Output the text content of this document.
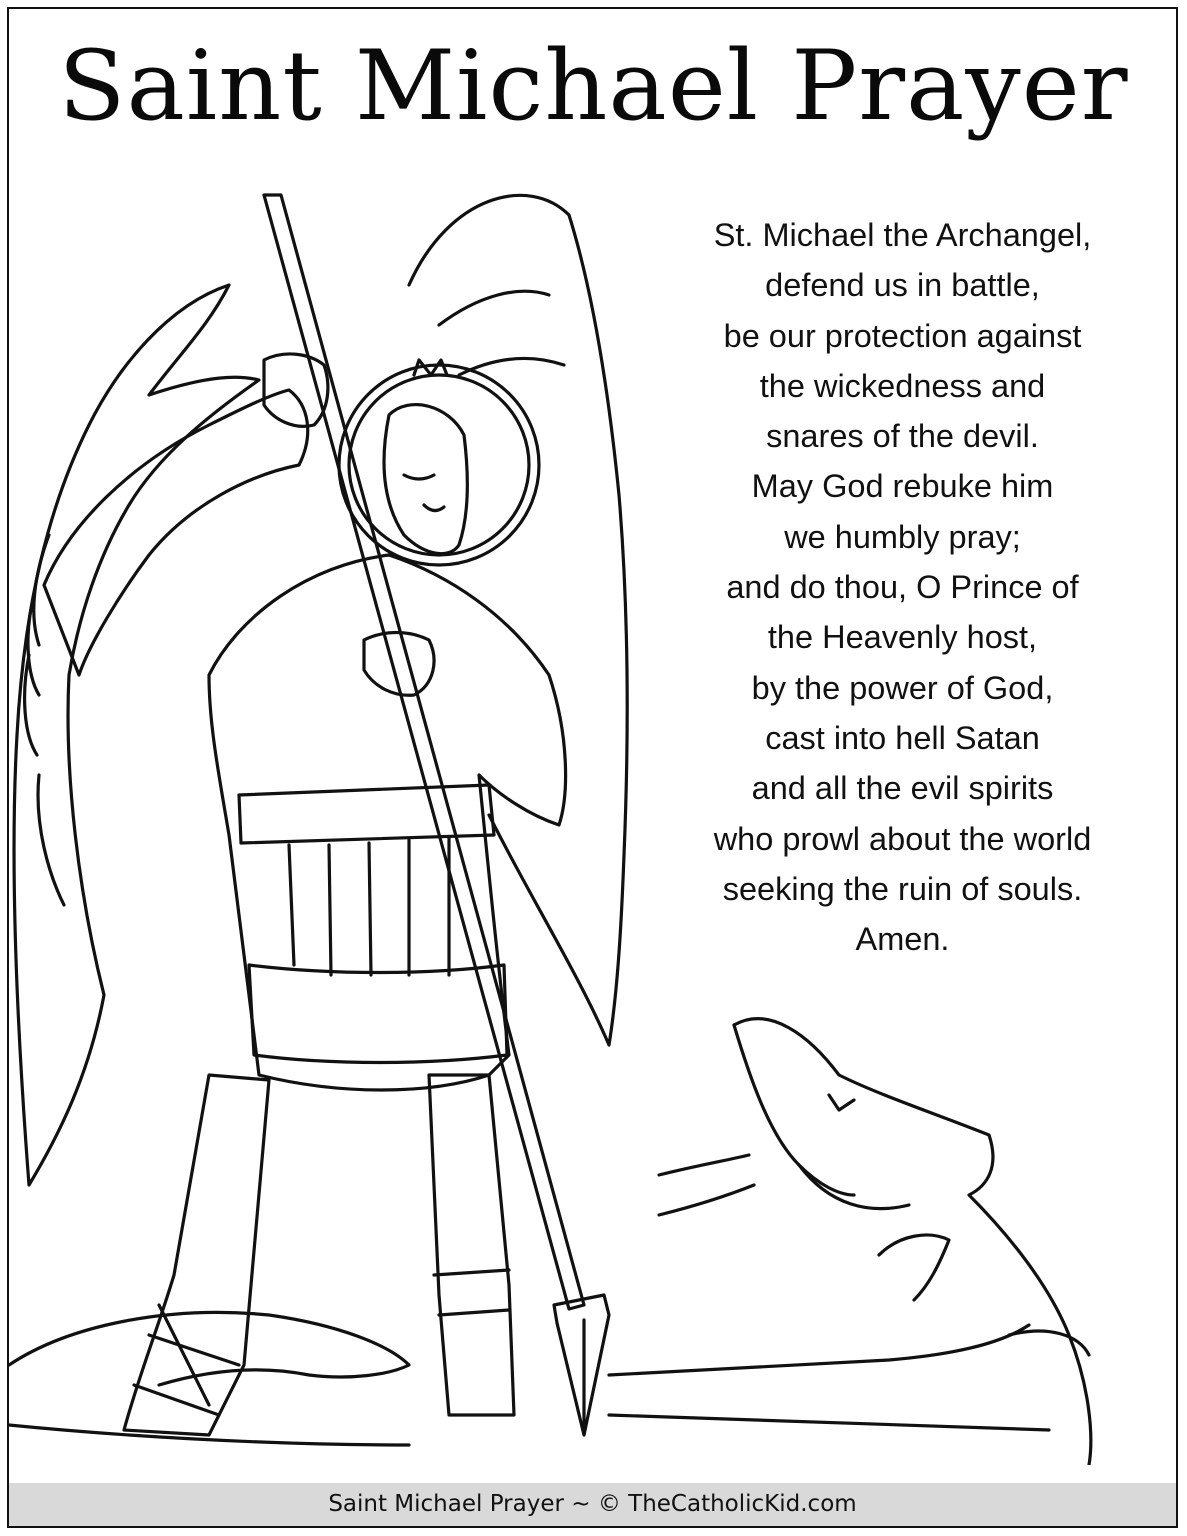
Saint Michael Prayer
St. Michael the Archangel,
defend us in battle,
be our protection against
the wickedness and
snares of the devil.
May God rebuke him
we humbly pray;
and do thou, O Prince of
the Heavenly host,
by the power of God,
cast into hell Satan
and all the evil spirits
who prowl about the world
seeking the ruin of souls.
Amen.
Saint Michael Prayer ~ © TheCatholicKid.com
